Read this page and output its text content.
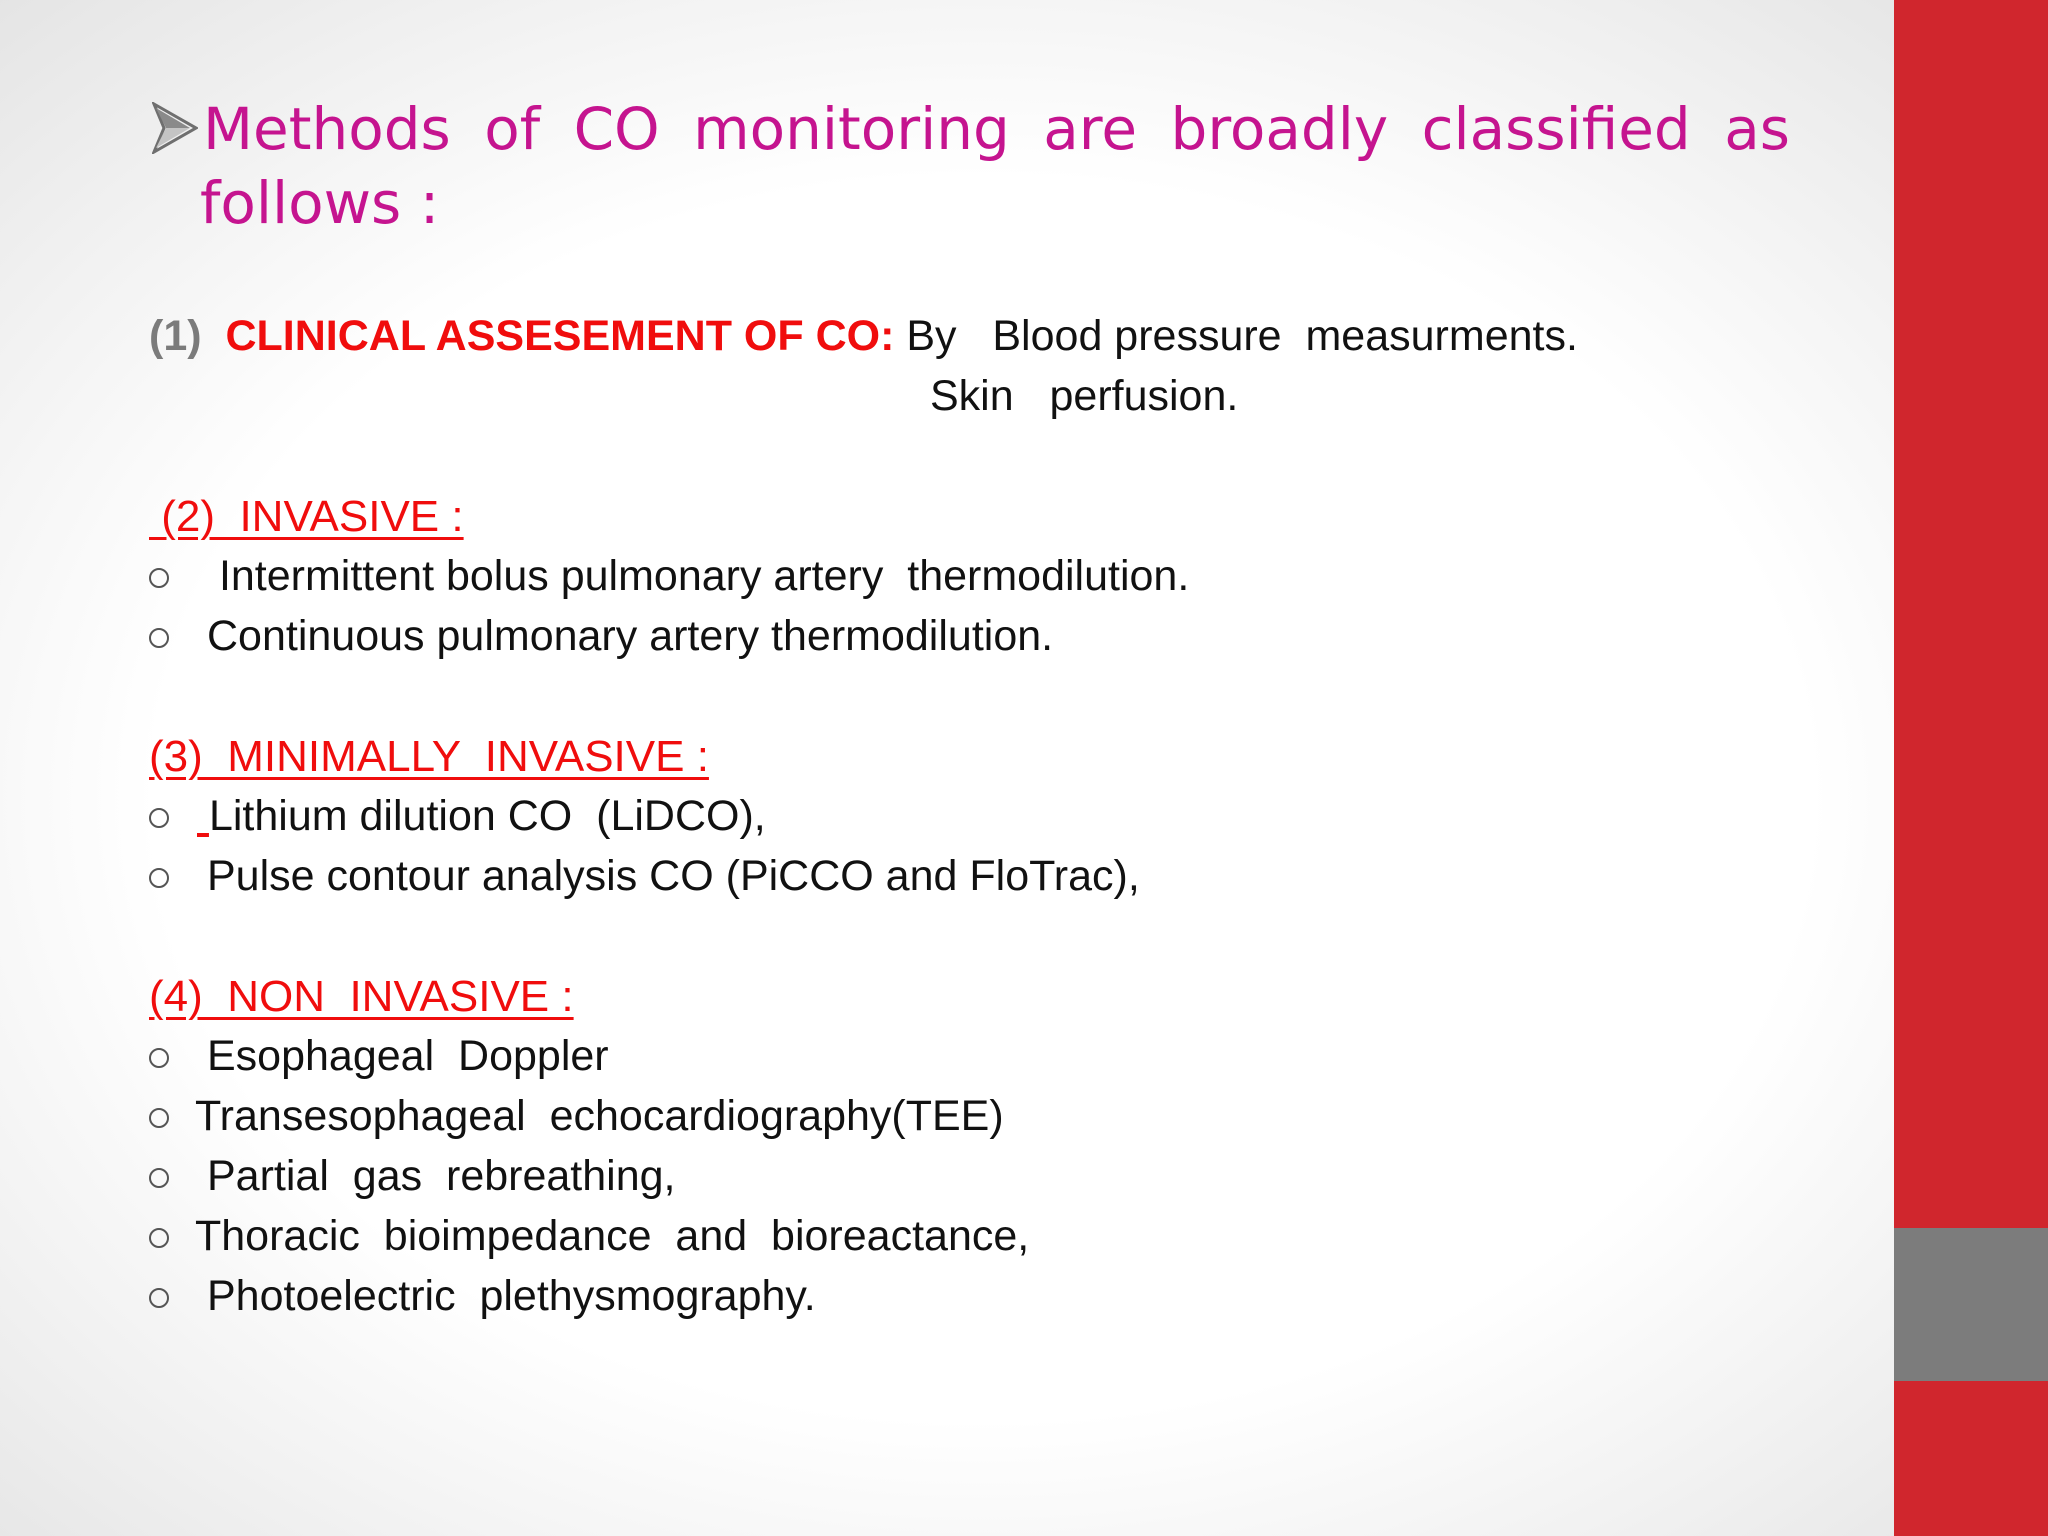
Methods of CO monitoring are broadly classified as
follows :
(1) CLINICAL ASSESEMENT OF CO: By Blood pressure  measurments.
Skin   perfusion.
(2)  INVASIVE :
Intermittent bolus pulmonary artery  thermodilution.
Continuous pulmonary artery thermodilution.
(3)  MINIMALLY  INVASIVE :

Lithium dilution CO  (LiDCO),
Pulse contour analysis CO (PiCCO and FloTrac),
(4)  NON  INVASIVE :
Esophageal  Doppler
Transesophageal  echocardiography(TEE)
Partial  gas  rebreathing,
Thoracic  bioimpedance  and  bioreactance,
Photoelectric  plethysmography.
